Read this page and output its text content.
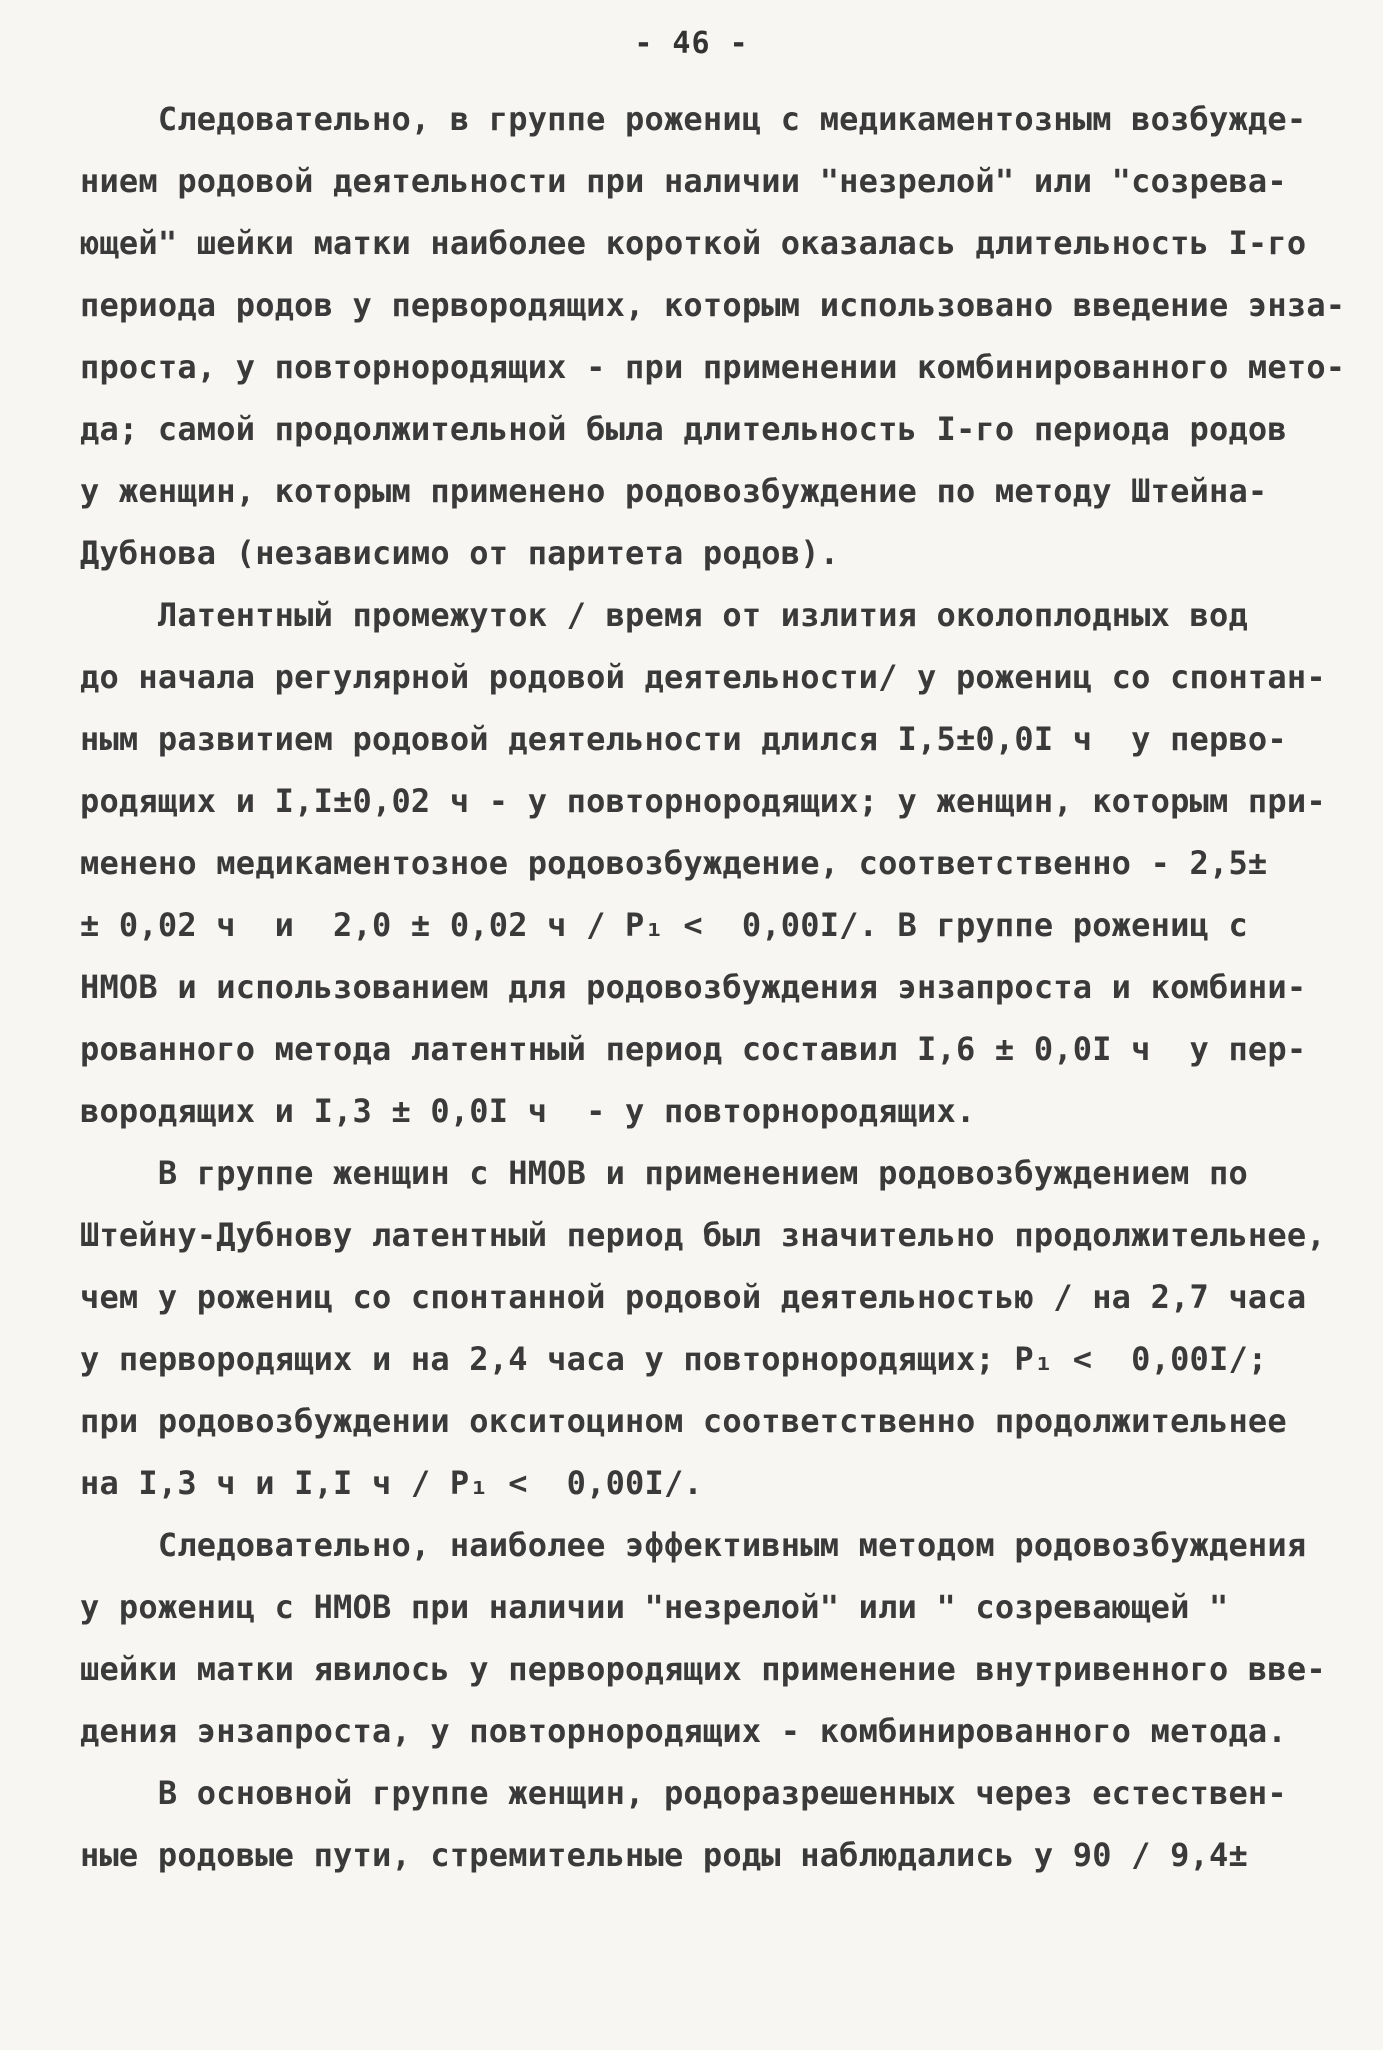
- 46 -
Следовательно, в группе рожениц с медикаментозным возбужде-
нием родовой деятельности при наличии "незрелой" или "созрева-
ющей" шейки матки наиболее короткой оказалась длительность I-го
периода родов у первородящих, которым использовано введение энза-
проста, у повторнородящих - при применении комбинированного мето-
да; самой продолжительной была длительность I-го периода родов
у женщин, которым применено родовозбуждение по методу Штейна-
Дубнова (независимо от паритета родов).
Латентный промежуток / время от излития околоплодных вод
до начала регулярной родовой деятельности/ у рожениц со спонтан-
ным развитием родовой деятельности длился I,5±0,0I ч  у перво-
родящих и I,I±0,02 ч - у повторнородящих; у женщин, которым при-
менено медикаментозное родовозбуждение, соответственно - 2,5±
± 0,02 ч  и  2,0 ± 0,02 ч / P₁ <  0,00I/. В группе рожениц с
НМОВ и использованием для родовозбуждения энзапроста и комбини-
рованного метода латентный период составил I,6 ± 0,0I ч  у пер-
вородящих и I,3 ± 0,0I ч  - у повторнородящих.
В группе женщин с НМОВ и применением родовозбуждением по
Штейну-Дубнову латентный период был значительно продолжительнее,
чем у рожениц со спонтанной родовой деятельностью / на 2,7 часа
у первородящих и на 2,4 часа у повторнородящих; P₁ <  0,00I/;
при родовозбуждении окситоцином соответственно продолжительнее
на I,3 ч и I,I ч / P₁ <  0,00I/.
Следовательно, наиболее эффективным методом родовозбуждения
у рожениц с НМОВ при наличии "незрелой" или " созревающей "
шейки матки явилось у первородящих применение внутривенного вве-
дения энзапроста, у повторнородящих - комбинированного метода.
В основной группе женщин, родоразрешенных через естествен-
ные родовые пути, стремительные роды наблюдались у 90 / 9,4±
